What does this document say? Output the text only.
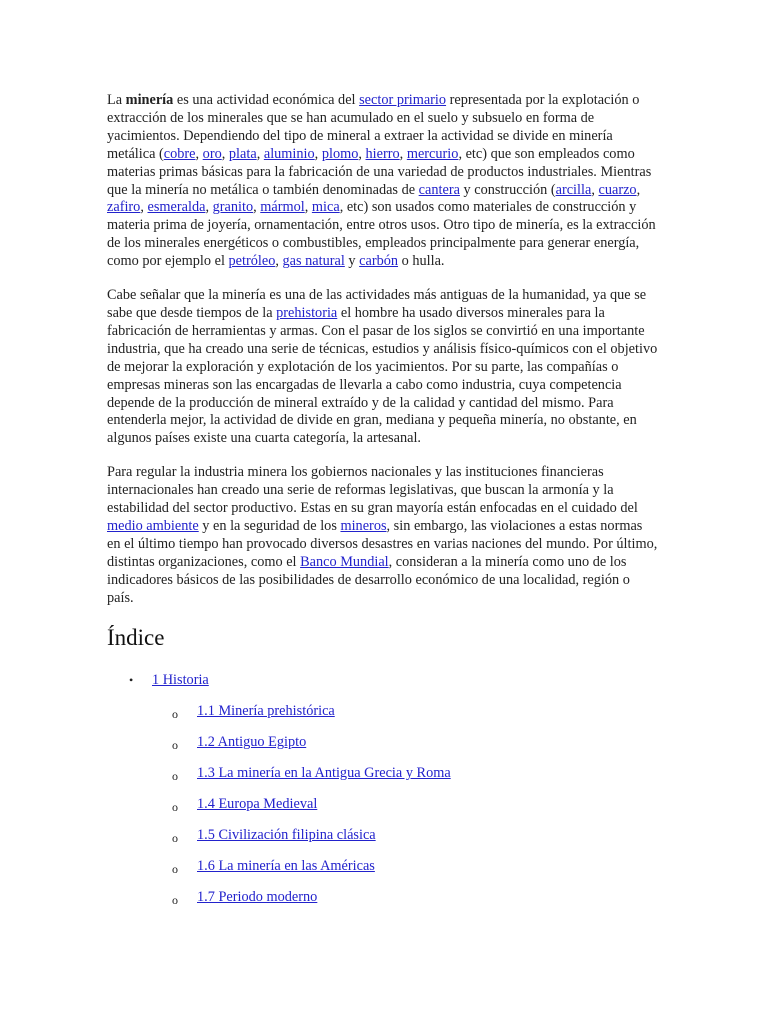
La minería es una actividad económica del sector primario representada por la explotación o extracción de los minerales que se han acumulado en el suelo y subsuelo en forma de yacimientos. Dependiendo del tipo de mineral a extraer la actividad se divide en minería metálica (cobre, oro, plata, aluminio, plomo, hierro, mercurio, etc) que son empleados como materias primas básicas para la fabricación de una variedad de productos industriales. Mientras que la minería no metálica o también denominadas de cantera y construcción (arcilla, cuarzo, zafiro, esmeralda, granito, mármol, mica, etc) son usados como materiales de construcción y materia prima de joyería, ornamentación, entre otros usos. Otro tipo de minería, es la extracción de los minerales energéticos o combustibles, empleados principalmente para generar energía, como por ejemplo el petróleo, gas natural y carbón o hulla.

Cabe señalar que la minería es una de las actividades más antiguas de la humanidad, ya que se sabe que desde tiempos de la prehistoria el hombre ha usado diversos minerales para la fabricación de herramientas y armas. Con el pasar de los siglos se convirtió en una importante industria, que ha creado una serie de técnicas, estudios y análisis físico-químicos con el objetivo de mejorar la exploración y explotación de los yacimientos. Por su parte, las compañías o empresas mineras son las encargadas de llevarla a cabo como industria, cuya competencia depende de la producción de mineral extraído y de la calidad y cantidad del mismo. Para entenderla mejor, la actividad de divide en gran, mediana y pequeña minería, no obstante, en algunos países existe una cuarta categoría, la artesanal.

Para regular la industria minera los gobiernos nacionales y las instituciones financieras internacionales han creado una serie de reformas legislativas, que buscan la armonía y la estabilidad del sector productivo. Estas en su gran mayoría están enfocadas en el cuidado del medio ambiente y en la seguridad de los mineros, sin embargo, las violaciones a estas normas en el último tiempo han provocado diversos desastres en varias naciones del mundo. Por último, distintas organizaciones, como el Banco Mundial, consideran a la minería como uno de los indicadores básicos de las posibilidades de desarrollo económico de una localidad, región o país.

Índice
• 1 Historia
o 1.1 Minería prehistórica
o 1.2 Antiguo Egipto
o 1.3 La minería en la Antigua Grecia y Roma
o 1.4 Europa Medieval
o 1.5 Civilización filipina clásica
o 1.6 La minería en las Américas
o 1.7 Periodo moderno
